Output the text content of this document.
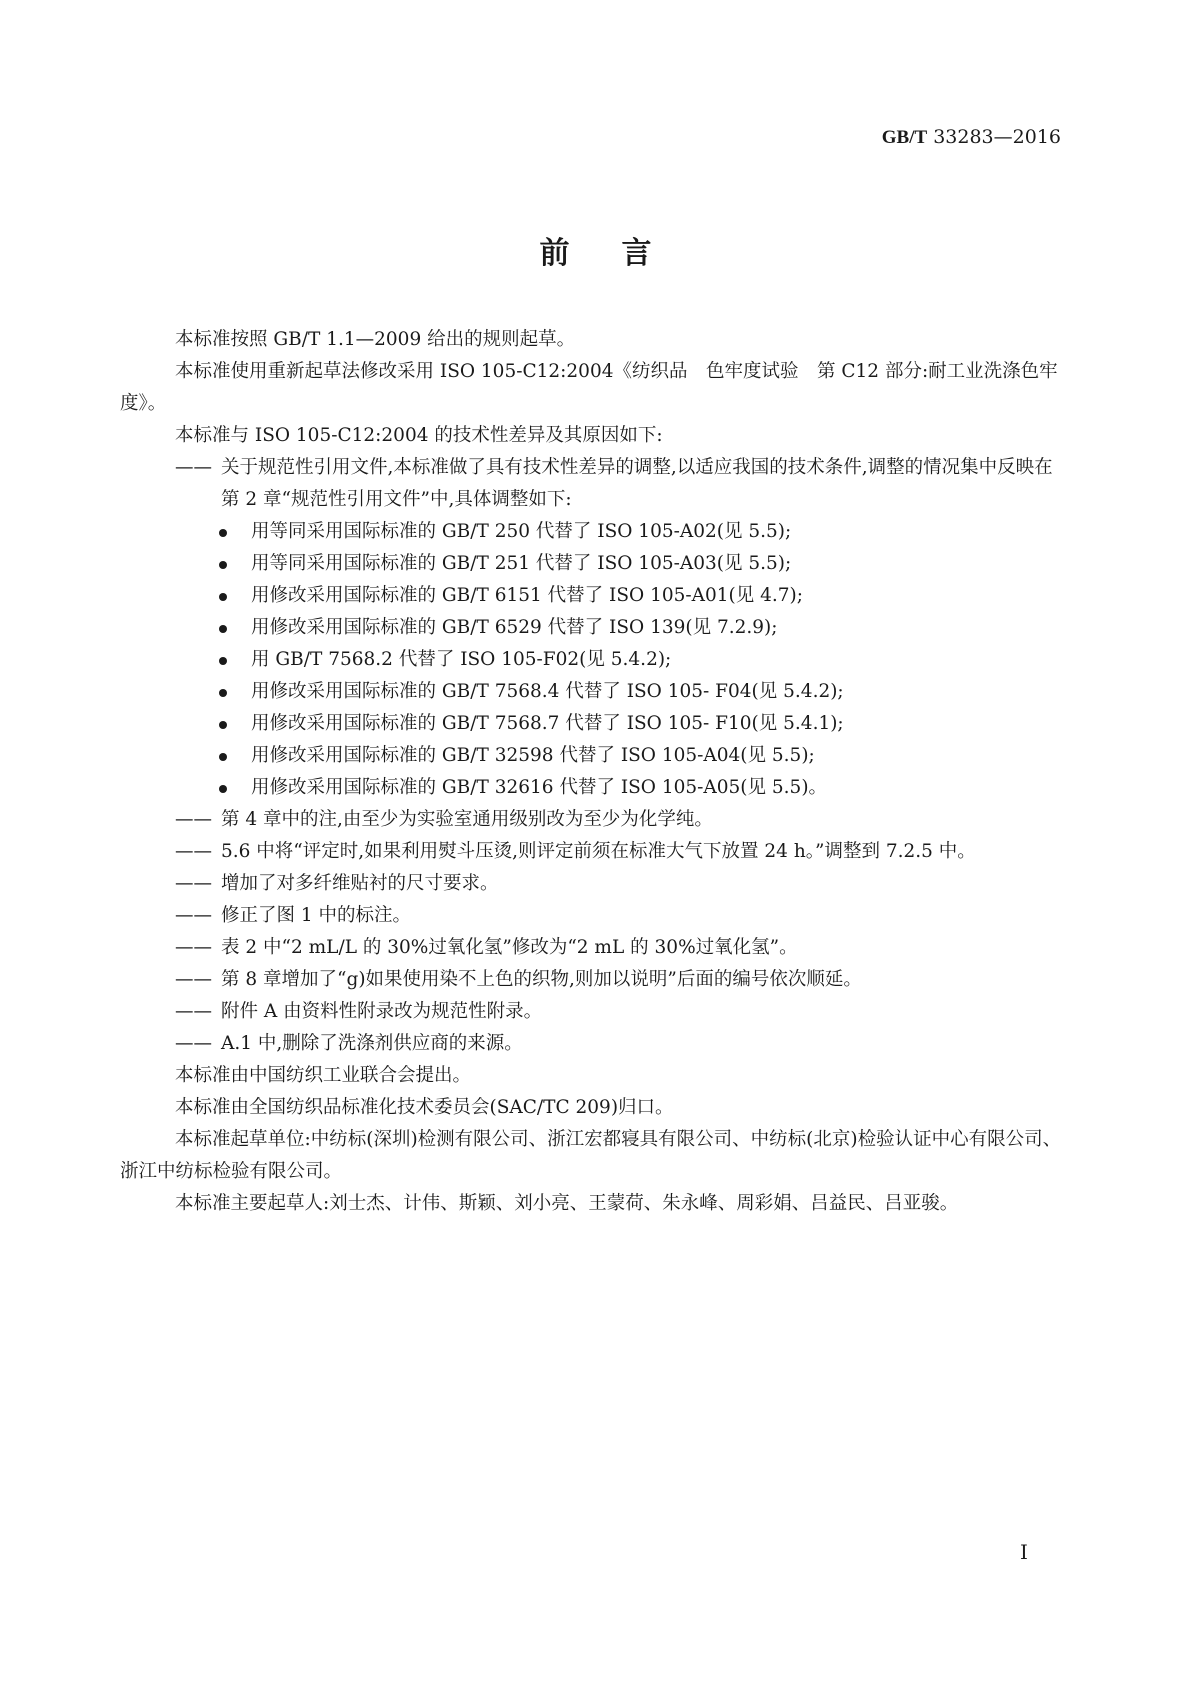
GB/T 33283—2016
前言
本标准按照 GB/T 1.1—2009 给出的规则起草。
本标准使用重新起草法修改采用 ISO 105-C12:2004《纺织品　色牢度试验　第 C12 部分:耐工业洗涤色牢度》。
本标准与 ISO 105-C12:2004 的技术性差异及其原因如下:
—— 关于规范性引用文件,本标准做了具有技术性差异的调整,以适应我国的技术条件,调整的情况集中反映在第 2 章“规范性引用文件”中,具体调整如下:
用等同采用国际标准的 GB/T 250 代替了 ISO 105-A02(见 5.5);
用等同采用国际标准的 GB/T 251 代替了 ISO 105-A03(见 5.5);
用修改采用国际标准的 GB/T 6151 代替了 ISO 105-A01(见 4.7);
用修改采用国际标准的 GB/T 6529 代替了 ISO 139(见 7.2.9);
用 GB/T 7568.2 代替了 ISO 105-F02(见 5.4.2);
用修改采用国际标准的 GB/T 7568.4 代替了 ISO 105- F04(见 5.4.2);
用修改采用国际标准的 GB/T 7568.7 代替了 ISO 105- F10(见 5.4.1);
用修改采用国际标准的 GB/T 32598 代替了 ISO 105-A04(见 5.5);
用修改采用国际标准的 GB/T 32616 代替了 ISO 105-A05(见 5.5)。
—— 第 4 章中的注,由至少为实验室通用级别改为至少为化学纯。
—— 5.6 中将“评定时,如果利用熨斗压烫,则评定前须在标准大气下放置 24 h。”调整到 7.2.5 中。
—— 增加了对多纤维贴衬的尺寸要求。
—— 修正了图 1 中的标注。
—— 表 2 中“2 mL/L 的 30%过氧化氢”修改为“2 mL 的 30%过氧化氢”。
—— 第 8 章增加了“g)如果使用染不上色的织物,则加以说明”后面的编号依次顺延。
—— 附件 A 由资料性附录改为规范性附录。
—— A.1 中,删除了洗涤剂供应商的来源。
本标准由中国纺织工业联合会提出。
本标准由全国纺织品标准化技术委员会(SAC/TC 209)归口。
本标准起草单位:中纺标(深圳)检测有限公司、浙江宏都寝具有限公司、中纺标(北京)检验认证中心有限公司、浙江中纺标检验有限公司。
本标准主要起草人:刘士杰、计伟、斯颖、刘小亮、王蒙荷、朱永峰、周彩娟、吕益民、吕亚骏。
I
